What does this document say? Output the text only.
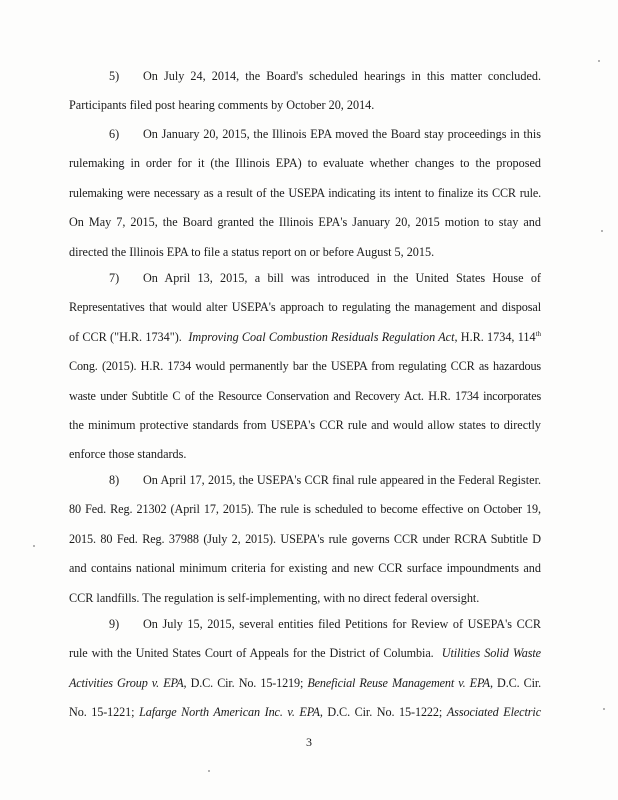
5) On July 24, 2014, the Board's scheduled hearings in this matter concluded.
Participants filed post hearing comments by October 20, 2014.
6) On January 20, 2015, the Illinois EPA moved the Board stay proceedings in this
rulemaking in order for it (the Illinois EPA) to evaluate whether changes to the proposed
rulemaking were necessary as a result of the USEPA indicating its intent to finalize its CCR rule.
On May 7, 2015, the Board granted the Illinois EPA's January 20, 2015 motion to stay and
directed the Illinois EPA to file a status report on or before August 5, 2015.
7) On April 13, 2015, a bill was introduced in the United States House of
Representatives that would alter USEPA's approach to regulating the management and disposal
of CCR ("H.R. 1734"). Improving Coal Combustion Residuals Regulation Act, H.R. 1734, 114th
Cong. (2015). H.R. 1734 would permanently bar the USEPA from regulating CCR as hazardous
waste under Subtitle C of the Resource Conservation and Recovery Act. H.R. 1734 incorporates
the minimum protective standards from USEPA's CCR rule and would allow states to directly
enforce those standards.
8) On April 17, 2015, the USEPA's CCR final rule appeared in the Federal Register.
80 Fed. Reg. 21302 (April 17, 2015). The rule is scheduled to become effective on October 19,
2015. 80 Fed. Reg. 37988 (July 2, 2015). USEPA's rule governs CCR under RCRA Subtitle D
and contains national minimum criteria for existing and new CCR surface impoundments and
CCR landfills. The regulation is self-implementing, with no direct federal oversight.
9) On July 15, 2015, several entities filed Petitions for Review of USEPA's CCR
rule with the United States Court of Appeals for the District of Columbia. Utilities Solid Waste
Activities Group v. EPA, D.C. Cir. No. 15-1219; Beneficial Reuse Management v. EPA, D.C. Cir.
No. 15-1221; Lafarge North American Inc. v. EPA, D.C. Cir. No. 15-1222; Associated Electric
3
